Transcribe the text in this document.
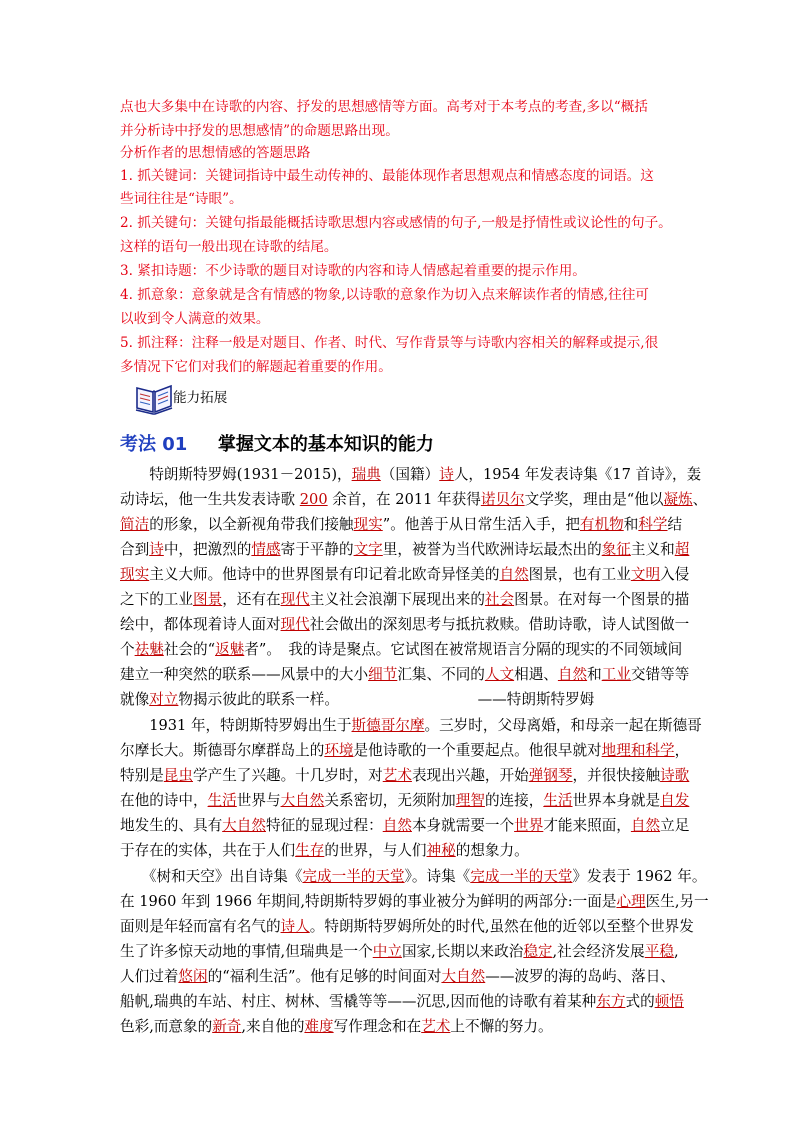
点也大多集中在诗歌的内容、抒发的思想感情等方面。高考对于本考点的考查,多以“概括
并分析诗中抒发的思想感情”的命题思路出现。
分析作者的思想情感的答题思路
1. 抓关键词：关键词指诗中最生动传神的、最能体现作者思想观点和情感态度的词语。这
些词往往是“诗眼”。
2. 抓关键句：关键句指最能概括诗歌思想内容或感情的句子,一般是抒情性或议论性的句子。
这样的语句一般出现在诗歌的结尾。
3. 紧扣诗题：不少诗歌的题目对诗歌的内容和诗人情感起着重要的提示作用。
4. 抓意象：意象就是含有情感的物象,以诗歌的意象作为切入点来解读作者的情感,往往可
以收到令人满意的效果。
5. 抓注释：注释一般是对题目、作者、时代、写作背景等与诗歌内容相关的解释或提示,很
多情况下它们对我们的解题起着重要的作用。
能力拓展
考法 01 掌握文本的基本知识的能力
　　特朗斯特罗姆(1931－2015)，瑞典（国籍）诗人，1954 年发表诗集《17 首诗》，轰
动诗坛，他一生共发表诗歌 200 余首，在 2011 年获得诺贝尔文学奖，理由是“他以凝炼、
简洁的形象，以全新视角带我们接触现实”。他善于从日常生活入手，把有机物和科学结
合到诗中，把激烈的情感寄于平静的文字里，被誉为当代欧洲诗坛最杰出的象征主义和超
现实主义大师。他诗中的世界图景有印记着北欧奇异怪美的自然图景，也有工业文明入侵
之下的工业图景，还有在现代主义社会浪潮下展现出来的社会图景。在对每一个图景的描
绘中，都体现着诗人面对现代社会做出的深刻思考与抵抗救赎。借助诗歌，诗人试图做一
个祛魅社会的“返魅者”。　我的诗是聚点。它试图在被常规语言分隔的现实的不同领域间
建立一种突然的联系——风景中的大小细节汇集、不同的人文相遇、自然和工业交错等等
就像对立物揭示彼此的联系一样。　　　　　　　　　　——特朗斯特罗姆
　　1931 年，特朗斯特罗姆出生于斯德哥尔摩。三岁时，父母离婚，和母亲一起在斯德哥
尔摩长大。斯德哥尔摩群岛上的环境是他诗歌的一个重要起点。他很早就对地理和科学，
特别是昆虫学产生了兴趣。十几岁时，对艺术表现出兴趣，开始弹钢琴，并很快接触诗歌
在他的诗中，生活世界与大自然关系密切，无须附加理智的连接，生活世界本身就是自发
地发生的、具有大自然特征的显现过程：自然本身就需要一个世界才能来照面，自然立足
于存在的实体，共在于人们生存的世界，与人们神秘的想象力。
　　《树和天空》出自诗集《完成一半的天堂》。诗集《完成一半的天堂》发表于 1962 年。
在 1960 年到 1966 年期间,特朗斯特罗姆的事业被分为鲜明的两部分:一面是心理医生,另一
面则是年轻而富有名气的诗人。特朗斯特罗姆所处的时代,虽然在他的近邻以至整个世界发
生了许多惊天动地的事情,但瑞典是一个中立国家,长期以来政治稳定,社会经济发展平稳,
人们过着悠闲的“福利生活”。他有足够的时间面对大自然——波罗的海的岛屿、落日、
船帆,瑞典的车站、村庄、树林、雪橇等等——沉思,因而他的诗歌有着某种东方式的顿悟
色彩,而意象的新奇,来自他的难度写作理念和在艺术上不懈的努力。
